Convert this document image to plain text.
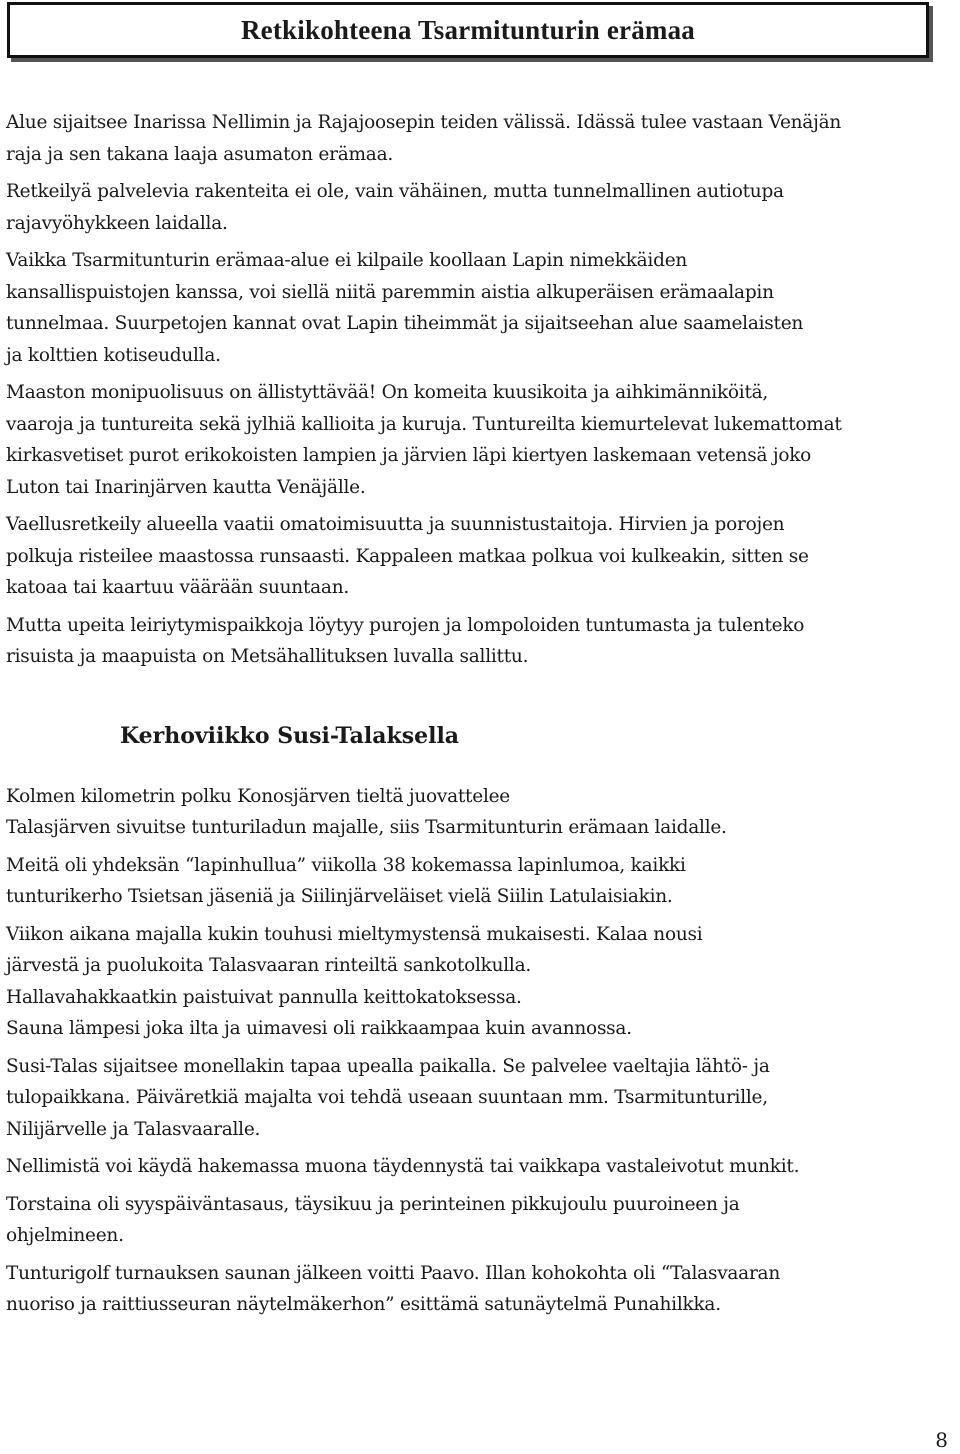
Retkikohteena Tsarmitunturin erämaa

Alue sijaitsee Inarissa Nellimin ja Rajajoosepin teiden välissä. Idässä tulee vastaan Venäjän
raja ja sen takana laaja asumaton erämaa.

Retkeilyä palvelevia rakenteita ei ole, vain vähäinen, mutta tunnelmallinen autiotupa
rajavyöhykkeen laidalla.

Vaikka Tsarmitunturin erämaa-alue ei kilpaile koollaan Lapin nimekkäiden
kansallispuistojen kanssa, voi siellä niitä paremmin aistia alkuperäisen erämaalapin
tunnelmaa. Suurpetojen kannat ovat Lapin tiheimmät ja sijaitseehan alue saamelaisten
ja kolttien kotiseudulla.

Maaston monipuolisuus on ällistyttävää! On komeita kuusikoita ja aihkimänniköitä,
vaaroja ja tuntureita sekä jylhiä kallioita ja kuruja. Tuntureilta kiemurtelevat lukemattomat
kirkasvetiset purot erikokoisten lampien ja järvien läpi kiertyen laskemaan vetensä joko
Luton tai Inarinjärven kautta Venäjälle.

Vaellusretkeily alueella vaatii omatoimisuutta ja suunnistustaitoja. Hirvien ja porojen
polkuja risteilee maastossa runsaasti. Kappaleen matkaa polkua voi kulkeakin, sitten se
katoaa tai kaartuu väärään suuntaan.

Mutta upeita leiriytymispaikkoja löytyy purojen ja lompoloiden tuntumasta ja tulenteko
risuista ja maapuista on Metsähallituksen luvalla sallittu.

Kerhoviikko Susi-Talaksella

Kolmen kilometrin polku Konosjärven tieltä juovattelee
Talasjärven sivuitse tunturiladun majalle, siis Tsarmitunturin erämaan laidalle.

Meitä oli yhdeksän “lapinhullua” viikolla 38 kokemassa lapinlumoa, kaikki
tunturikerho Tsietsan jäseniä ja Siilinjärveläiset vielä Siilin Latulaisiakin.

Viikon aikana majalla kukin touhusi mieltymystensä mukaisesti. Kalaa nousi
järvestä ja puolukoita Talasvaaran rinteiltä sankotolkulla.
Hallavahakkaatkin paistuivat pannulla keittokatoksessa.
Sauna lämpesi joka ilta ja uimavesi oli raikkaampaa kuin avannossa.

Susi-Talas sijaitsee monellakin tapaa upealla paikalla. Se palvelee vaeltajia lähtö- ja
tulopaikkana. Päiväretkiä majalta voi tehdä useaan suuntaan mm. Tsarmitunturille,
Nilijärvelle ja Talasvaaralle.

Nellimistä voi käydä hakemassa muona täydennystä tai vaikkapa vastaleivotut munkit.

Torstaina oli syyspäiväntasaus, täysikuu ja perinteinen pikkujoulu puuroineen ja
ohjelmineen.

Tunturigolf turnauksen saunan jälkeen voitti Paavo. Illan kohokohta oli “Talasvaaran
nuoriso ja raittiusseuran näytelmäkerhon” esittämä satunäytelmä Punahilkka.

8
